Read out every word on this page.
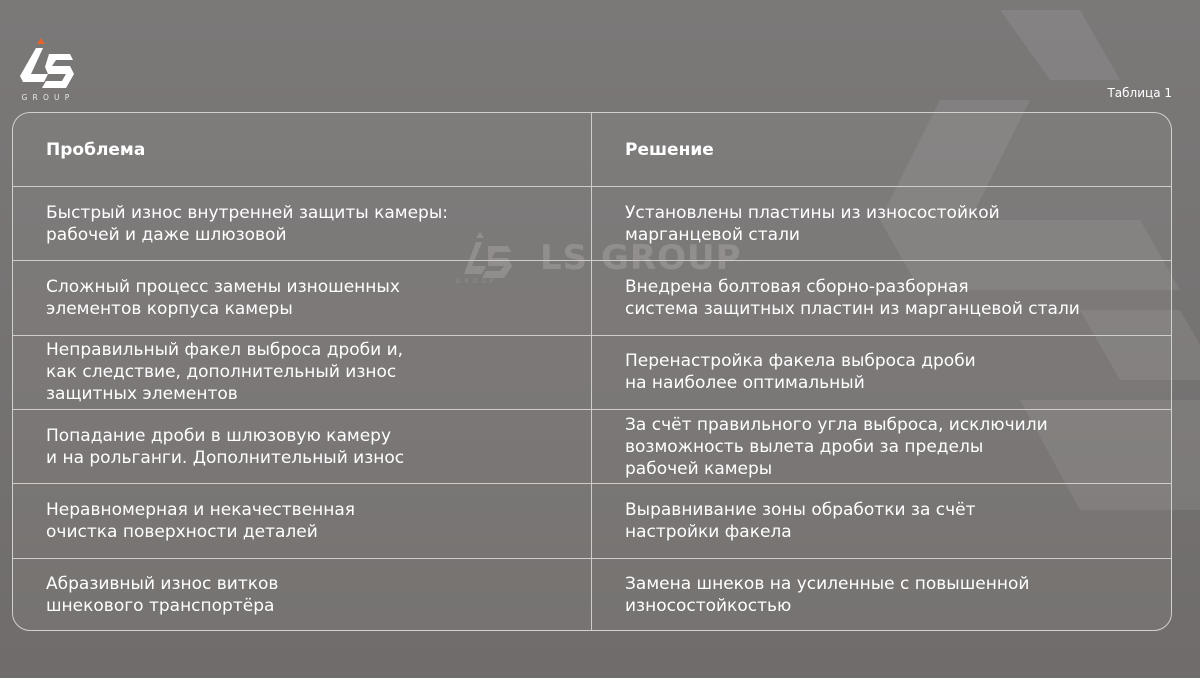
GROUP	Таблица 1
LS GROUP
GROUP
Проблема	Решение
Быстрый износ внутренней защиты камеры:
рабочей и даже шлюзовой
Установлены пластины из износостойкой
марганцевой стали
Сложный процесс замены изношенных
элементов корпуса камеры
Внедрена болтовая сборно-разборная
система защитных пластин из марганцевой стали
Неправильный факел выброса дроби и,
как следствие, дополнительный износ
защитных элементов
Перенастройка факела выброса дроби
на наиболее оптимальный
Попадание дроби в шлюзовую камеру
и на рольганги. Дополнительный износ
За счёт правильного угла выброса, исключили
возможность вылета дроби за пределы
рабочей камеры
Неравномерная и некачественная
очистка поверхности деталей
Выравнивание зоны обработки за счёт
настройки факела
Абразивный износ витков
шнекового транспортёра
Замена шнеков на усиленные с повышенной
износостойкостью
